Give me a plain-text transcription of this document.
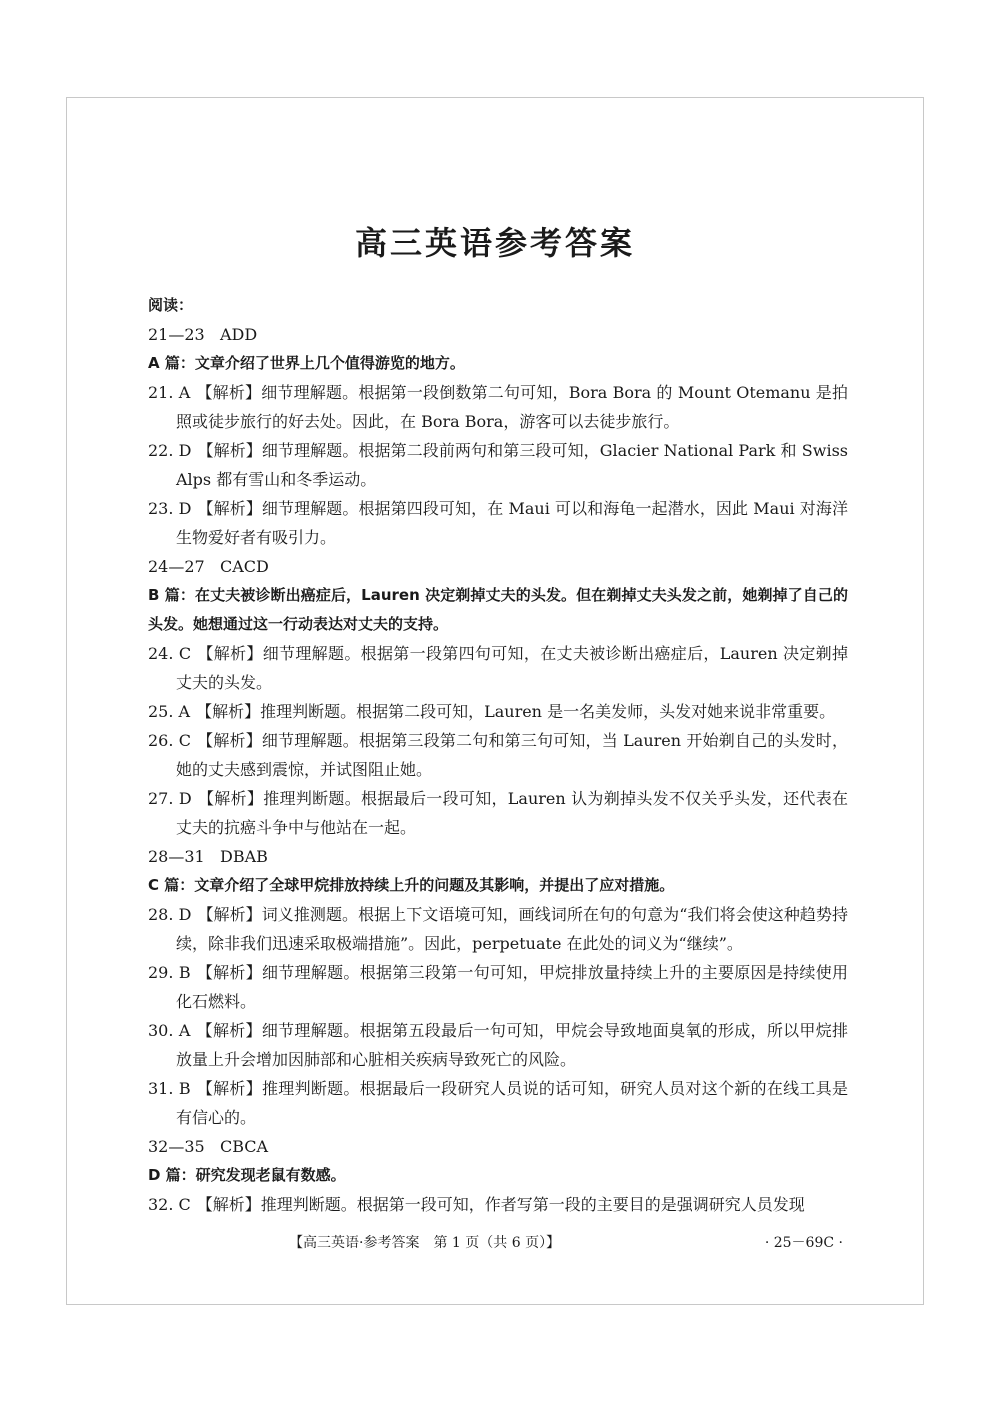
高三英语参考答案
阅读：
21—23 ADD
A 篇：文章介绍了世界上几个值得游览的地方。
21. A 【解析】细节理解题。根据第一段倒数第二句可知，Bora Bora 的 Mount Otemanu 是拍照或徒步旅行的好去处。因此，在 Bora Bora，游客可以去徒步旅行。
22. D 【解析】细节理解题。根据第二段前两句和第三段可知，Glacier National Park 和 Swiss Alps 都有雪山和冬季运动。
23. D 【解析】细节理解题。根据第四段可知，在 Maui 可以和海龟一起潜水，因此 Maui 对海洋生物爱好者有吸引力。
24—27 CACD
B 篇：在丈夫被诊断出癌症后，Lauren 决定剃掉丈夫的头发。但在剃掉丈夫头发之前，她剃掉了自己的头发。她想通过这一行动表达对丈夫的支持。
24. C 【解析】细节理解题。根据第一段第四句可知，在丈夫被诊断出癌症后，Lauren 决定剃掉丈夫的头发。
25. A 【解析】推理判断题。根据第二段可知，Lauren 是一名美发师，头发对她来说非常重要。
26. C 【解析】细节理解题。根据第三段第二句和第三句可知，当 Lauren 开始剃自己的头发时，她的丈夫感到震惊，并试图阻止她。
27. D 【解析】推理判断题。根据最后一段可知，Lauren 认为剃掉头发不仅关乎头发，还代表在丈夫的抗癌斗争中与他站在一起。
28—31 DBAB
C 篇：文章介绍了全球甲烷排放持续上升的问题及其影响，并提出了应对措施。
28. D 【解析】词义推测题。根据上下文语境可知，画线词所在句的句意为“我们将会使这种趋势持续，除非我们迅速采取极端措施”。因此，perpetuate 在此处的词义为“继续”。
29. B 【解析】细节理解题。根据第三段第一句可知，甲烷排放量持续上升的主要原因是持续使用化石燃料。
30. A 【解析】细节理解题。根据第五段最后一句可知，甲烷会导致地面臭氧的形成，所以甲烷排放量上升会增加因肺部和心脏相关疾病导致死亡的风险。
31. B 【解析】推理判断题。根据最后一段研究人员说的话可知，研究人员对这个新的在线工具是有信心的。
32—35 CBCA
D 篇：研究发现老鼠有数感。
32. C 【解析】推理判断题。根据第一段可知，作者写第一段的主要目的是强调研究人员发现
【高三英语·参考答案　第 1 页（共 6 页）】	· 25－69C ·
